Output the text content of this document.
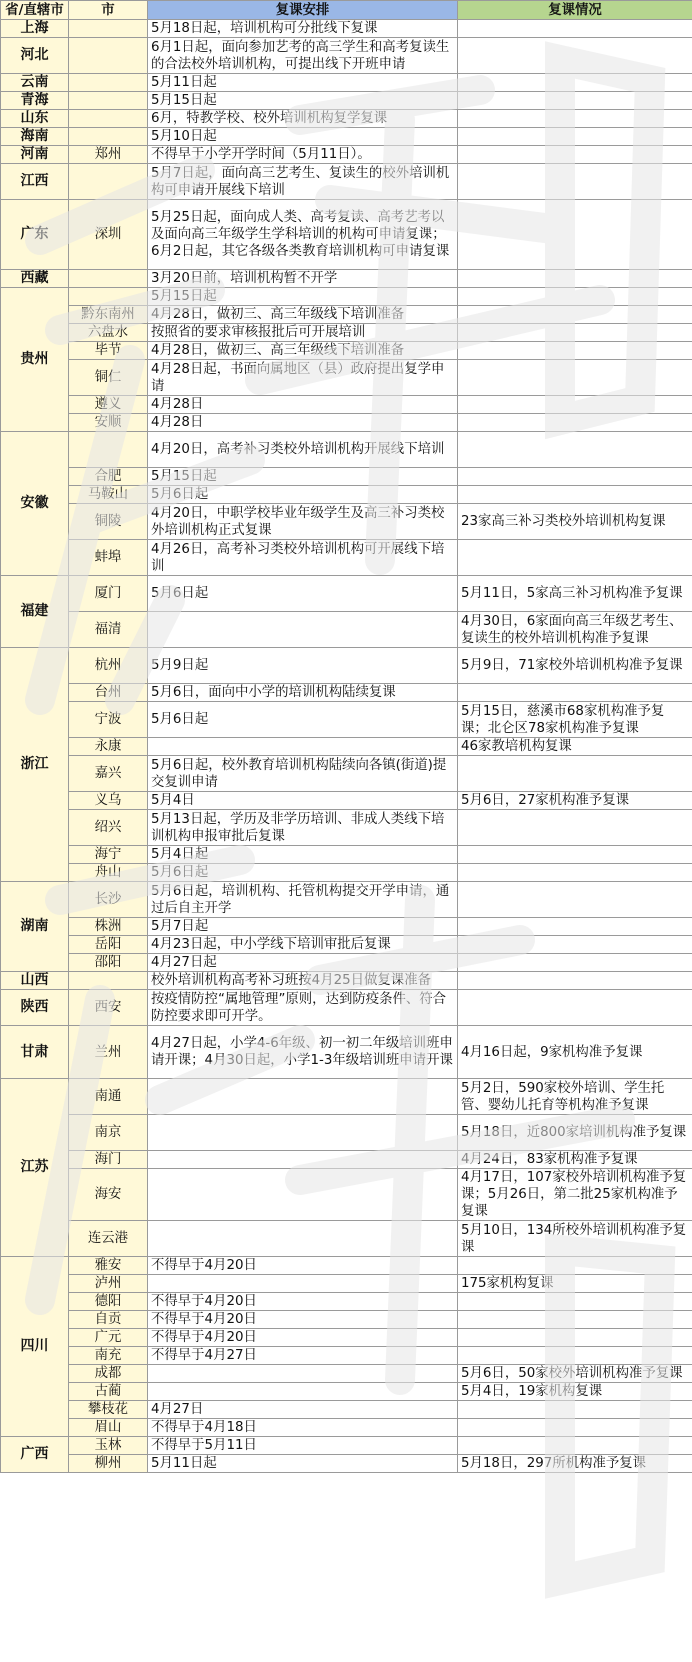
省/直辖市	市	复课安排	复课情况
上海		5月18日起，培训机构可分批线下复课	
河北		6月1日起，面向参加艺考的高三学生和高考复读生的合法校外培训机构，可提出线下开班申请	
云南		5月11日起	
青海		5月15日起	
山东		6月，特教学校、校外培训机构复学复课	
海南		5月10日起	
河南	郑州	不得早于小学开学时间（5月11日）。	
江西		5月7日起，面向高三艺考生、复读生的校外培训机构可申请开展线下培训	
广东	深圳	5月25日起，面向成人类、高考复读、高考艺考以及面向高三年级学生学科培训的机构可申请复课；6月2日起，其它各级各类教育培训机构可申请复课	
西藏		3月20日前，培训机构暂不开学	
贵州		5月15日起	
	黔东南州	4月28日，做初三、高三年级线下培训准备	
	六盘水	按照省的要求审核报批后可开展培训	
	毕节	4月28日，做初三、高三年级线下培训准备	
	铜仁	4月28日起，书面向属地区（县）政府提出复学申请	
	遵义	4月28日	
	安顺	4月28日	
安徽		4月20日，高考补习类校外培训机构开展线下培训	
	合肥	5月15日起	
	马鞍山	5月6日起	
	铜陵	4月20日，中职学校毕业年级学生及高三补习类校外培训机构正式复课	23家高三补习类校外培训机构复课
	蚌埠	4月26日，高考补习类校外培训机构可开展线下培训	
福建	厦门	5月6日起	5月11日，5家高三补习机构准予复课
	福清		4月30日，6家面向高三年级艺考生、复读生的校外培训机构准予复课
浙江	杭州	5月9日起	5月9日，71家校外培训机构准予复课
	台州	5月6日，面向中小学的培训机构陆续复课	
	宁波	5月6日起	5月15日，慈溪市68家机构准予复课；北仑区78家机构准予复课
	永康		46家教培机构复课
	嘉兴	5月6日起，校外教育培训机构陆续向各镇(街道)提交复训申请	
	义乌	5月4日	5月6日，27家机构准予复课
	绍兴	5月13日起，学历及非学历培训、非成人类线下培训机构申报审批后复课	
	海宁	5月4日起	
	舟山	5月6日起	
湖南	长沙	5月6日起，培训机构、托管机构提交开学申请，通过后自主开学	
	株洲	5月7日起	
	岳阳	4月23日起，中小学线下培训审批后复课	
	邵阳	4月27日起	
山西		校外培训机构高考补习班按4月25日做复课准备	
陕西	西安	按疫情防控“属地管理”原则，达到防疫条件、符合防控要求即可开学。	
甘肃	兰州	4月27日起，小学4-6年级、初一初二年级培训班申请开课；4月30日起，小学1-3年级培训班申请开课	4月16日起，9家机构准予复课
江苏	南通		5月2日，590家校外培训、学生托管、婴幼儿托育等机构准予复课
	南京		5月18日，近800家培训机构准予复课
	海门		4月24日，83家机构准予复课
	海安		4月17日，107家校外培训机构准予复课；5月26日，第二批25家机构准予复课
	连云港		5月10日，134所校外培训机构准予复课
四川	雅安	不得早于4月20日	
	泸州		175家机构复课
	德阳	不得早于4月20日	
	自贡	不得早于4月20日	
	广元	不得早于4月20日	
	南充	不得早于4月27日	
	成都		5月6日，50家校外培训机构准予复课
	古蔺		5月4日，19家机构复课
	攀枝花	4月27日	
	眉山	不得早于4月18日	
广西	玉林	不得早于5月11日	
	柳州	5月11日起	5月18日，297所机构准予复课
